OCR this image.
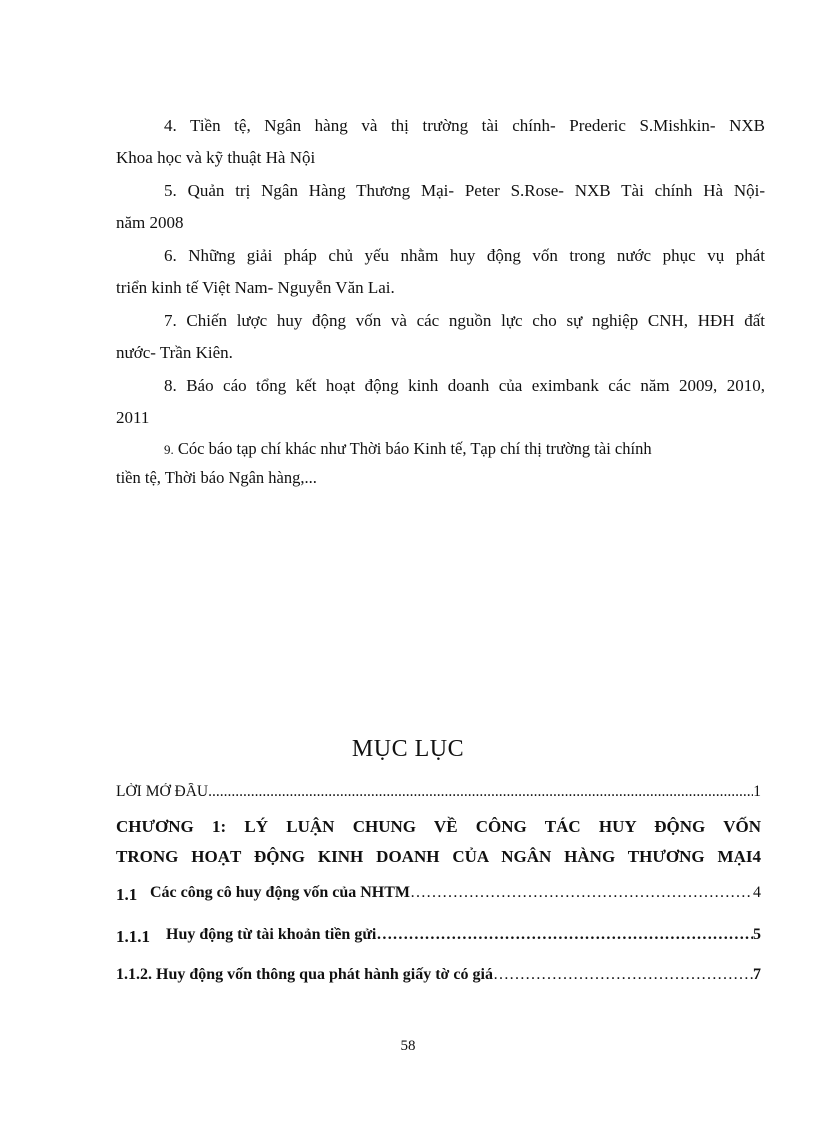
4. Tiền tệ, Ngân hàng và thị trường tài chính- Prederic S.Mishkin- NXB
Khoa học và kỹ thuật Hà Nội
5. Quản trị Ngân Hàng Thương Mại- Peter S.Rose- NXB Tài chính Hà Nội-
năm 2008
6. Những giải pháp chủ yếu nhằm huy động vốn trong nước phục vụ phát
triển kinh tế Việt Nam- Nguyễn Văn Lai.
7. Chiến lược huy động vốn và các nguồn lực cho sự nghiệp CNH, HĐH đất
nước- Trần Kiên.
8. Báo cáo tổng kết hoạt động kinh doanh của eximbank các năm 2009, 2010,
2011
9. Cóc báo tạp chí khác như Thời báo Kinh tế, Tạp chí thị trường tài chính
tiền tệ, Thời báo Ngân hàng,...
MỤC LỤC
LỜI MỞ ĐẦU .....	1
CHƯƠNG 1: LÝ LUẬN CHUNG VỀ CÔNG TÁC HUY ĐỘNG VỐN
TRONG HOẠT ĐỘNG KINH DOANH CỦA NGÂN HÀNG THƯƠNG MẠI4
1.1 Các công cô huy động vốn của NHTM ……………………………………………………………………………………………………………………………………	4
1.1.1	Huy động từ tài khoản tiền gửi ……………………………………………………………………………………………………………………………………	5
1.1.2. Huy động vốn thông qua phát hành giấy tờ có giá ……………………………………………………………………………………………………………………………………	7
58
